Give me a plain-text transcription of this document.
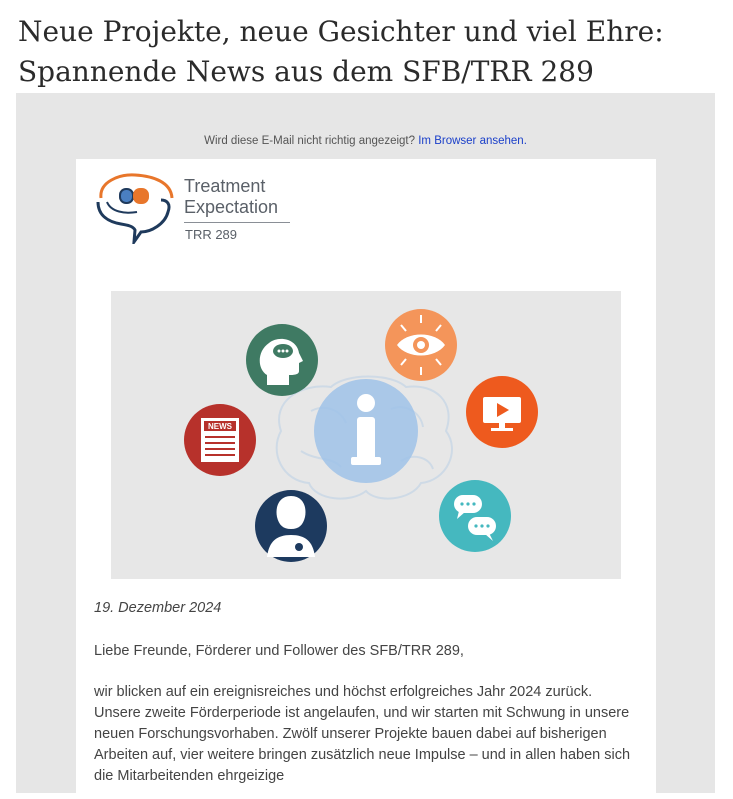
Neue Projekte, neue Gesichter und viel Ehre:
Spannende News aus dem SFB/TRR 289
Wird diese E-Mail nicht richtig angezeigt? Im Browser ansehen.
Treatment
Expectation
TRR 289
NEWS
19. Dezember 2024
Liebe Freunde, Förderer und Follower des SFB/TRR 289,

wir blicken auf ein ereignisreiches und höchst erfolgreiches Jahr 2024 zurück. Unsere zweite Förderperiode ist angelaufen, und wir starten mit Schwung in unsere neuen Forschungsvorhaben. Zwölf unserer Projekte bauen dabei auf bisherigen Arbeiten auf, vier weitere bringen zusätzlich neue Impulse – und in allen haben sich die Mitarbeitenden ehrgeizige
